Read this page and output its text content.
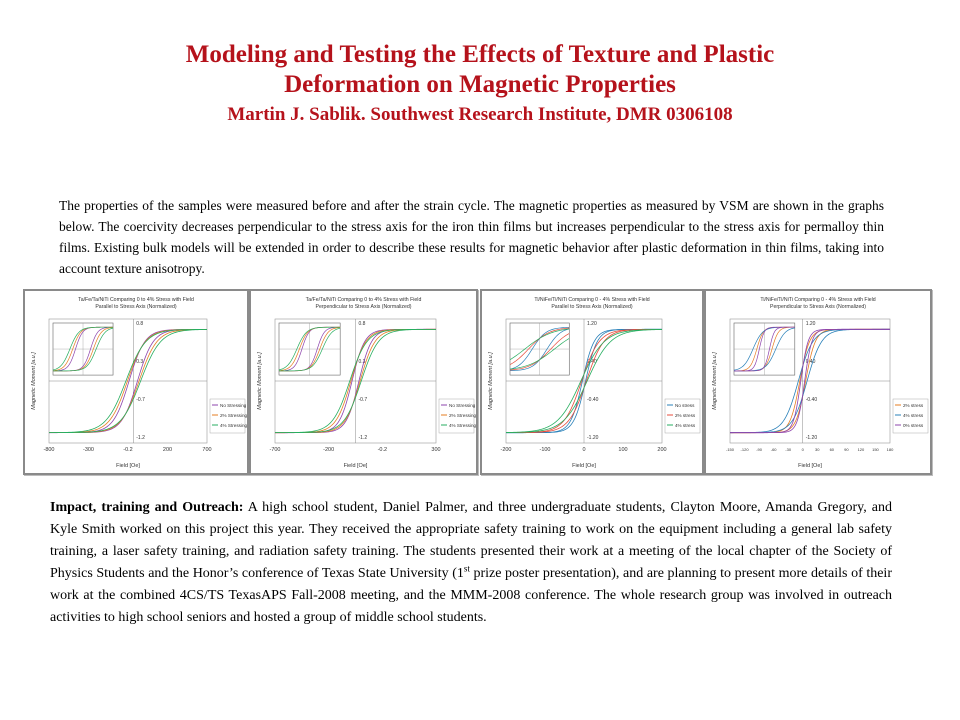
Modeling and Testing the Effects of Texture and Plastic
Deformation on Magnetic Properties
Martin J. Sablik. Southwest Research Institute, DMR 0306108
The properties of the samples were measured before and after the strain cycle. The magnetic properties as measured by VSM are shown in the graphs below. The coercivity decreases perpendicular to the stress axis for the iron thin films but increases perpendicular to the stress axis for permalloy thin films. Existing bulk models will be extended in order to describe these results for magnetic behavior after plastic deformation in thin films, taking into account texture anisotropy.
Ta/Fe/Ta/NiTi Comparing 0 to 4% Stress with Field
Parallel to Stress Axis (Normalized)
-800	-300	-0.2	200	700
0.8
0.3
-0.7
-1.2
Field [Oe]
Magnetic Moment [a.u.]	No Stressing
2% Stressing
4% Stressing
Ta/Fe/Ta/NiTi Comparing 0 to 4% Stress with Field
Perpendicular to Stress Axis (Normalized)
-700	-200	-0.2	300
0.8
0.3
-0.7
-1.2
Field [Oe]
Magnetic Moment [a.u.]	No Stressing
2% Stressing
4% Stressing
Ti/NiFe/Ti/NiTi Comparing 0 - 4% Stress with Field
Parallel to Stress Axis (Normalized)
-200	-100	0	100	200
1.20
0.40
-0.40
-1.20
Field [Oe]
Magnetic Moment [a.u.]	No stress
2% stress
4% stress
Ti/NiFe/Ti/NiTi Comparing 0 - 4% Stress with Field
Perpendicular to Stress Axis (Normalized)
-150 -120 -90 -60 -30	0	30	60	90 120 150 180
1.20
0.40
-0.40
-1.20
Field [Oe]
Magnetic Moment [a.u.]	2% stress
4% stress
0% stress
Impact, training and Outreach: A high school student, Daniel Palmer, and three undergraduate students, Clayton Moore, Amanda Gregory, and Kyle Smith worked on this project this year. They received the appropriate safety training to work on the equipment including a general lab safety training, a laser safety training, and radiation safety training. The students presented their work at a meeting of the local chapter of the Society of Physics Students and the Honor’s conference of Texas State University (1st prize poster presentation), and are planning to present more details of their work at the combined 4CS/TS TexasAPS Fall-2008 meeting, and the MMM-2008 conference. The whole research group was involved in outreach activities to high school seniors and hosted a group of middle school students.
